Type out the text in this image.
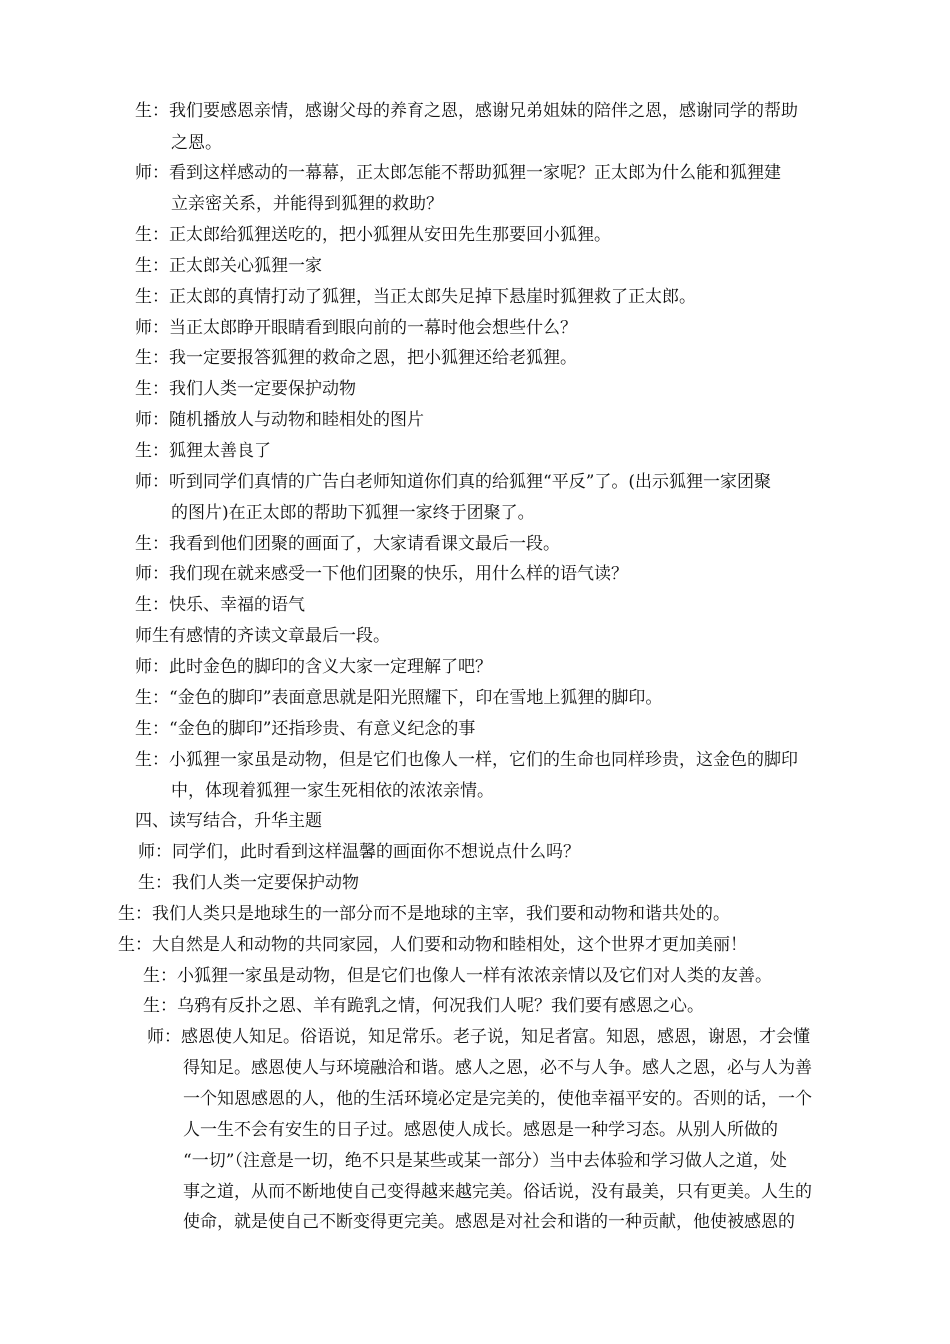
生：我们要感恩亲情，感谢父母的养育之恩，感谢兄弟姐妹的陪伴之恩，感谢同学的帮助
之恩。
师：看到这样感动的一幕幕，正太郎怎能不帮助狐狸一家呢？正太郎为什么能和狐狸建
立亲密关系，并能得到狐狸的救助？
生：正太郎给狐狸送吃的，把小狐狸从安田先生那要回小狐狸。
生：正太郎关心狐狸一家
生：正太郎的真情打动了狐狸，当正太郎失足掉下悬崖时狐狸救了正太郎。
师：当正太郎睁开眼睛看到眼向前的一幕时他会想些什么？
生：我一定要报答狐狸的救命之恩，把小狐狸还给老狐狸。
生：我们人类一定要保护动物
师：随机播放人与动物和睦相处的图片
生：狐狸太善良了
师：听到同学们真情的广告白老师知道你们真的给狐狸“平反”了。(出示狐狸一家团聚
的图片)在正太郎的帮助下狐狸一家终于团聚了。
生：我看到他们团聚的画面了，大家请看课文最后一段。
师：我们现在就来感受一下他们团聚的快乐，用什么样的语气读？
生：快乐、幸福的语气
师生有感情的齐读文章最后一段。
师：此时金色的脚印的含义大家一定理解了吧？
生：“金色的脚印”表面意思就是阳光照耀下，印在雪地上狐狸的脚印。
生：“金色的脚印”还指珍贵、有意义纪念的事
生：小狐狸一家虽是动物，但是它们也像人一样，它们的生命也同样珍贵，这金色的脚印
中，体现着狐狸一家生死相依的浓浓亲情。
四、读写结合，升华主题
师：同学们，此时看到这样温馨的画面你不想说点什么吗？
生：我们人类一定要保护动物
生：我们人类只是地球生的一部分而不是地球的主宰，我们要和动物和谐共处的。
生：大自然是人和动物的共同家园，人们要和动物和睦相处，这个世界才更加美丽！
生：小狐狸一家虽是动物，但是它们也像人一样有浓浓亲情以及它们对人类的友善。
生：乌鸦有反扑之恩、羊有跪乳之情，何况我们人呢？我们要有感恩之心。
师：感恩使人知足。俗语说，知足常乐。老子说，知足者富。知恩，感恩，谢恩，才会懂
得知足。感恩使人与环境融洽和谐。感人之恩，必不与人争。感人之恩，必与人为善
一个知恩感恩的人，他的生活环境必定是完美的，使他幸福平安的。否则的话，一个
人一生不会有安生的日子过。感恩使人成长。感恩是一种学习态。从别人所做的
“一切”（注意是一切，绝不只是某些或某一部分）当中去体验和学习做人之道，处
事之道，从而不断地使自己变得越来越完美。俗话说，没有最美，只有更美。人生的
使命，就是使自己不断变得更完美。感恩是对社会和谐的一种贡献，他使被感恩的
